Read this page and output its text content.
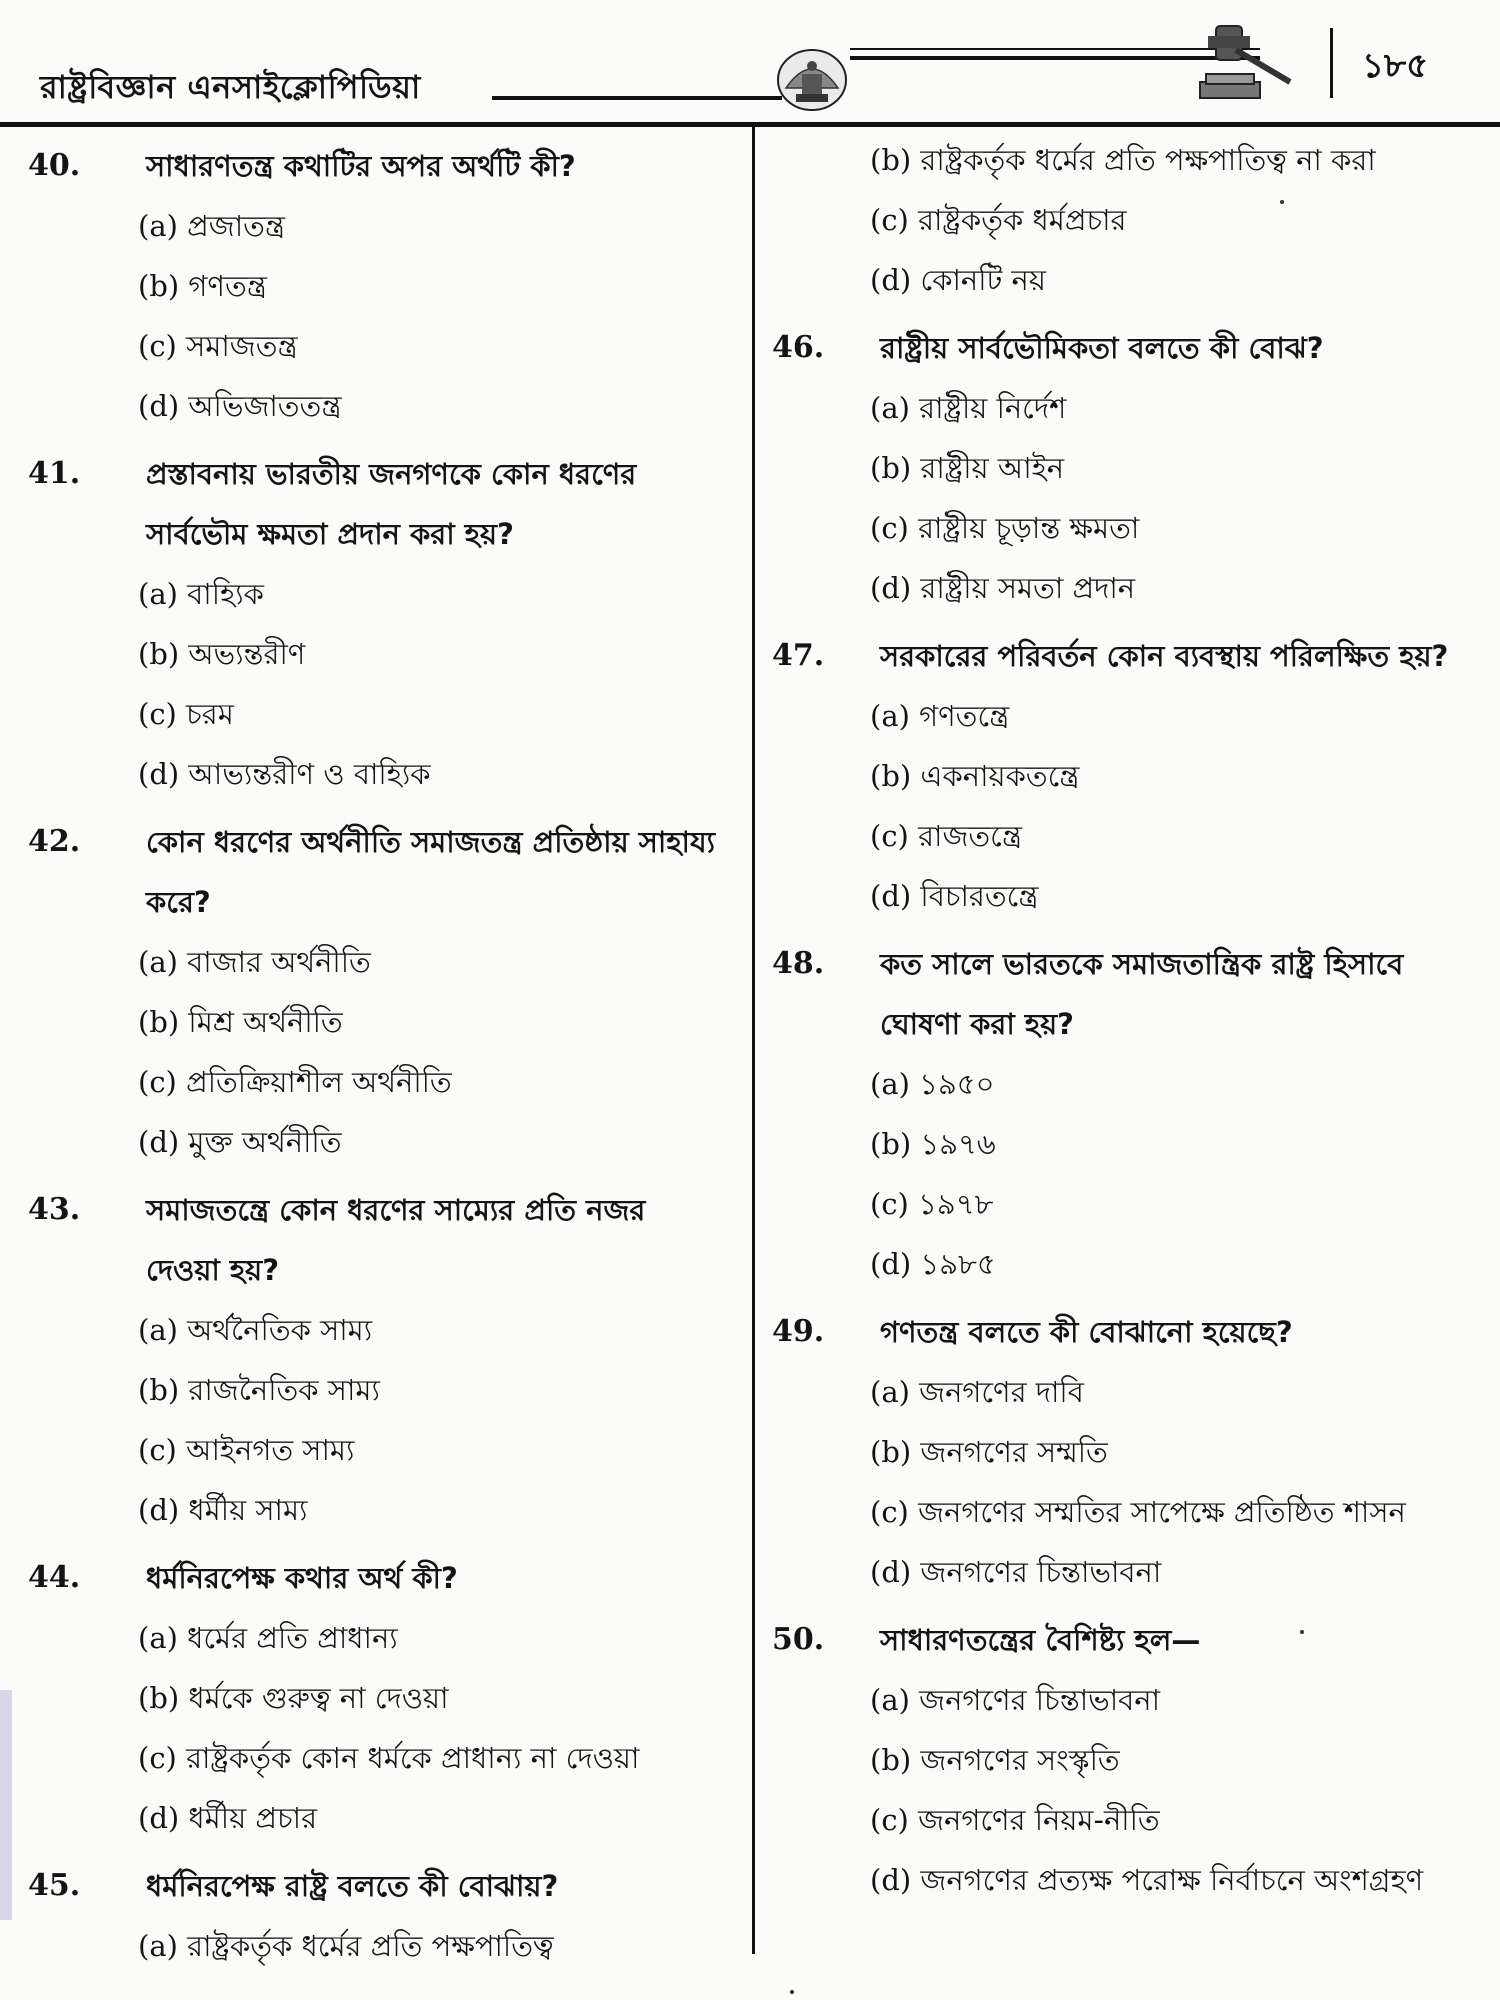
রাষ্ট্রবিজ্ঞান এনসাইক্লোপিডিয়া
১৮৫
40.	সাধারণতন্ত্র কথাটির অপর অর্থটি কী?
(a) প্রজাতন্ত্র
(b) গণতন্ত্র
(c) সমাজতন্ত্র
(d) অভিজাততন্ত্র
41.	প্রস্তাবনায় ভারতীয় জনগণকে কোন ধরণের সার্বভৌম ক্ষমতা প্রদান করা হয়?
(a) বাহ্যিক
(b) অভ্যন্তরীণ
(c) চরম
(d) আভ্যন্তরীণ ও বাহ্যিক
42.	কোন ধরণের অর্থনীতি সমাজতন্ত্র প্রতিষ্ঠায় সাহায্য করে?
(a) বাজার অর্থনীতি
(b) মিশ্র অর্থনীতি
(c) প্রতিক্রিয়াশীল অর্থনীতি
(d) মুক্ত অর্থনীতি
43.	সমাজতন্ত্রে কোন ধরণের সাম্যের প্রতি নজর দেওয়া হয়?
(a) অর্থনৈতিক সাম্য
(b) রাজনৈতিক সাম্য
(c) আইনগত সাম্য
(d) ধর্মীয় সাম্য
44.	ধর্মনিরপেক্ষ কথার অর্থ কী?
(a) ধর্মের প্রতি প্রাধান্য
(b) ধর্মকে গুরুত্ব না দেওয়া
(c) রাষ্ট্রকর্তৃক কোন ধর্মকে প্রাধান্য না দেওয়া
(d) ধর্মীয় প্রচার
45.	ধর্মনিরপেক্ষ রাষ্ট্র বলতে কী বোঝায়?
(a) রাষ্ট্রকর্তৃক ধর্মের প্রতি পক্ষপাতিত্ব
(b) রাষ্ট্রকর্তৃক ধর্মের প্রতি পক্ষপাতিত্ব না করা
(c) রাষ্ট্রকর্তৃক ধর্মপ্রচার
(d) কোনটি নয়
46.	রাষ্ট্রীয় সার্বভৌমিকতা বলতে কী বোঝ?
(a) রাষ্ট্রীয় নির্দেশ
(b) রাষ্ট্রীয় আইন
(c) রাষ্ট্রীয় চূড়ান্ত ক্ষমতা
(d) রাষ্ট্রীয় সমতা প্রদান
47.	সরকারের পরিবর্তন কোন ব্যবস্থায় পরিলক্ষিত হয়?
(a) গণতন্ত্রে
(b) একনায়কতন্ত্রে
(c) রাজতন্ত্রে
(d) বিচারতন্ত্রে
48.	কত সালে ভারতকে সমাজতান্ত্রিক রাষ্ট্র হিসাবে ঘোষণা করা হয়?
(a) ১৯৫০
(b) ১৯৭৬
(c) ১৯৭৮
(d) ১৯৮৫
49.	গণতন্ত্র বলতে কী বোঝানো হয়েছে?
(a) জনগণের দাবি
(b) জনগণের সম্মতি
(c) জনগণের সম্মতির সাপেক্ষে প্রতিষ্ঠিত শাসন
(d) জনগণের চিন্তাভাবনা
50.	সাধারণতন্ত্রের বৈশিষ্ট্য হল—
(a) জনগণের চিন্তাভাবনা
(b) জনগণের সংস্কৃতি
(c) জনগণের নিয়ম-নীতি
(d) জনগণের প্রত্যক্ষ পরোক্ষ নির্বাচনে অংশগ্রহণ
